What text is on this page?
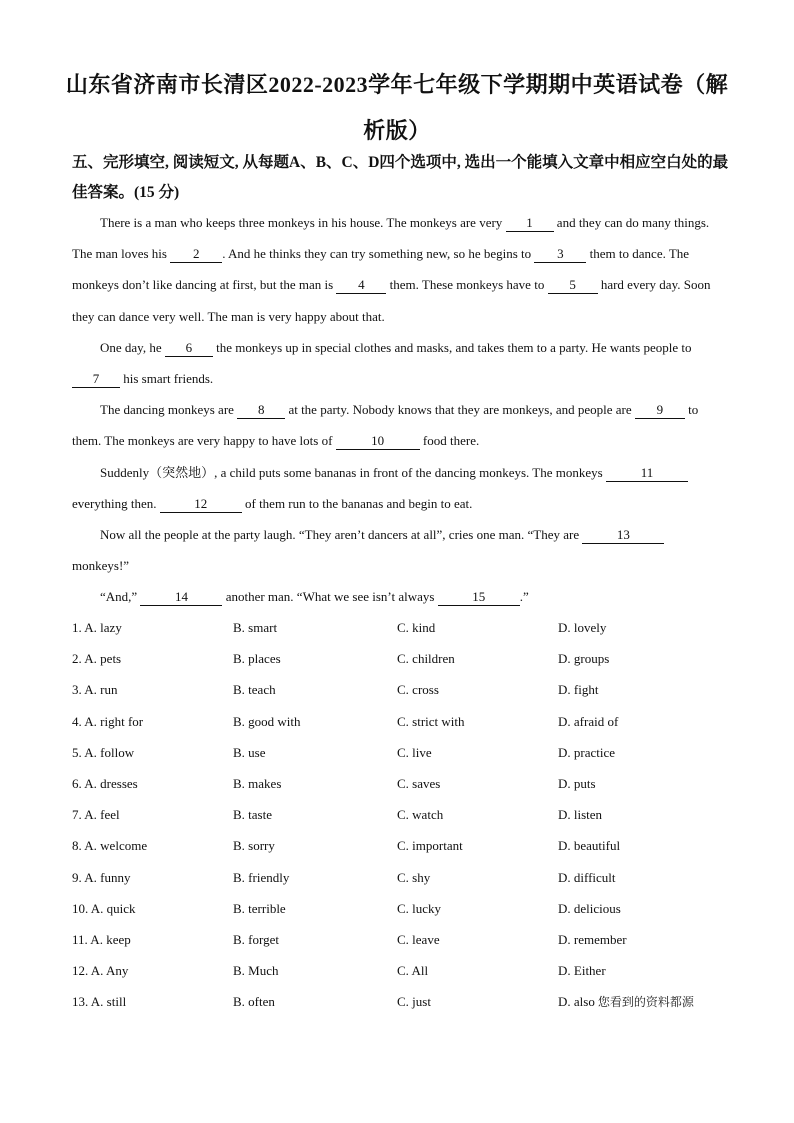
山东省济南市长清区2022-2023学年七年级下学期期中英语试卷（解
析版）
五、完形填空, 阅读短文, 从每题A、B、C、D四个选项中, 选出一个能填入文章中相应空白处的最佳答案。(15 分)

There is a man who keeps three monkeys in his house. The monkeys are very 1 and they can do many things. The man loves his 2 . And he thinks they can try something new, so he begins to 3 them to dance. The monkeys don’t like dancing at first, but the man is 4 them. These monkeys have to 5 hard every day. Soon they can dance very well. The man is very happy about that.

One day, he 6 the monkeys up in special clothes and masks, and takes them to a party. He wants people to 7 his smart friends.

The dancing monkeys are 8 at the party. Nobody knows that they are monkeys, and people are 9 to them. The monkeys are very happy to have lots of	10	food there.

Suddenly（突然地）, a child puts some bananas in front of the dancing monkeys. The monkeys	11 everything then.	12	of them run to the bananas and begin to eat.

Now all the people at the party laugh. “They aren’t dancers at all”, cries one man. “They are	13 monkeys!”

“And,”	14	another man. “What we see isn’t always	15	.”

1. A. lazy	B. smart	C. kind	D. lovely
2. A. pets	B. places	C. children	D. groups
3. A. run	B. teach	C. cross	D. fight
4. A. right for	B. good with	C. strict with	D. afraid of
5. A. follow	B. use	C. live	D. practice
6. A. dresses	B. makes	C. saves	D. puts
7. A. feel	B. taste	C. watch	D. listen
8. A. welcome	B. sorry	C. important	D. beautiful
9. A. funny	B. friendly	C. shy	D. difficult
10. A. quick	B. terrible	C. lucky	D. delicious
11. A. keep	B. forget	C. leave	D. remember
12. A. Any	B. Much	C. All	D. Either
13. A. still	B. often	C. just	D. also 您看到的资料都源
